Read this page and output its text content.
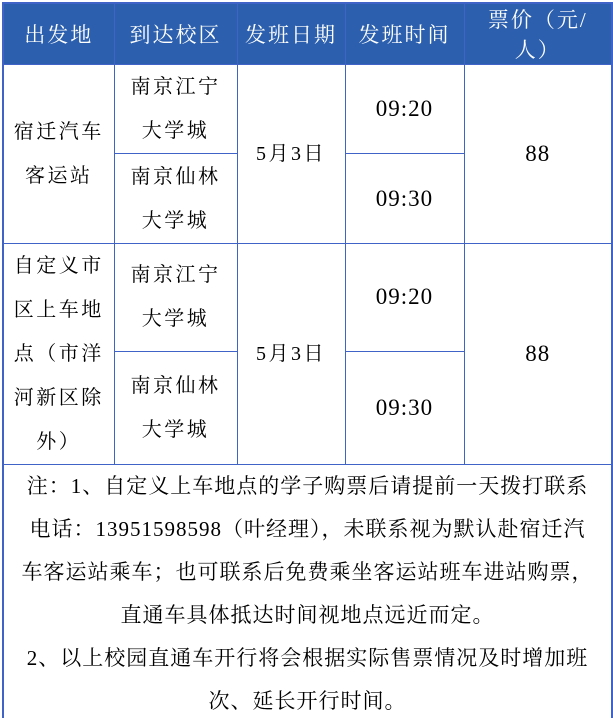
出发地	到达校区	发班日期	发班时间	票价（元/人）
宿迁汽车客运站	南京江宁大学城	5月3日	09:20	88
	南京仙林大学城		09:30	
自定义市区上车地点（市洋河新区除外）	南京江宁大学城	5月3日	09:20	88
	南京仙林大学城		09:30	

注：1、自定义上车地点的学子购票后请提前一天拨打联系
电话：13951598598（叶经理），未联系视为默认赴宿迁汽
车客运站乘车；也可联系后免费乘坐客运站班车进站购票，
直通车具体抵达时间视地点远近而定。
2、以上校园直通车开行将会根据实际售票情况及时增加班
次、延长开行时间。
